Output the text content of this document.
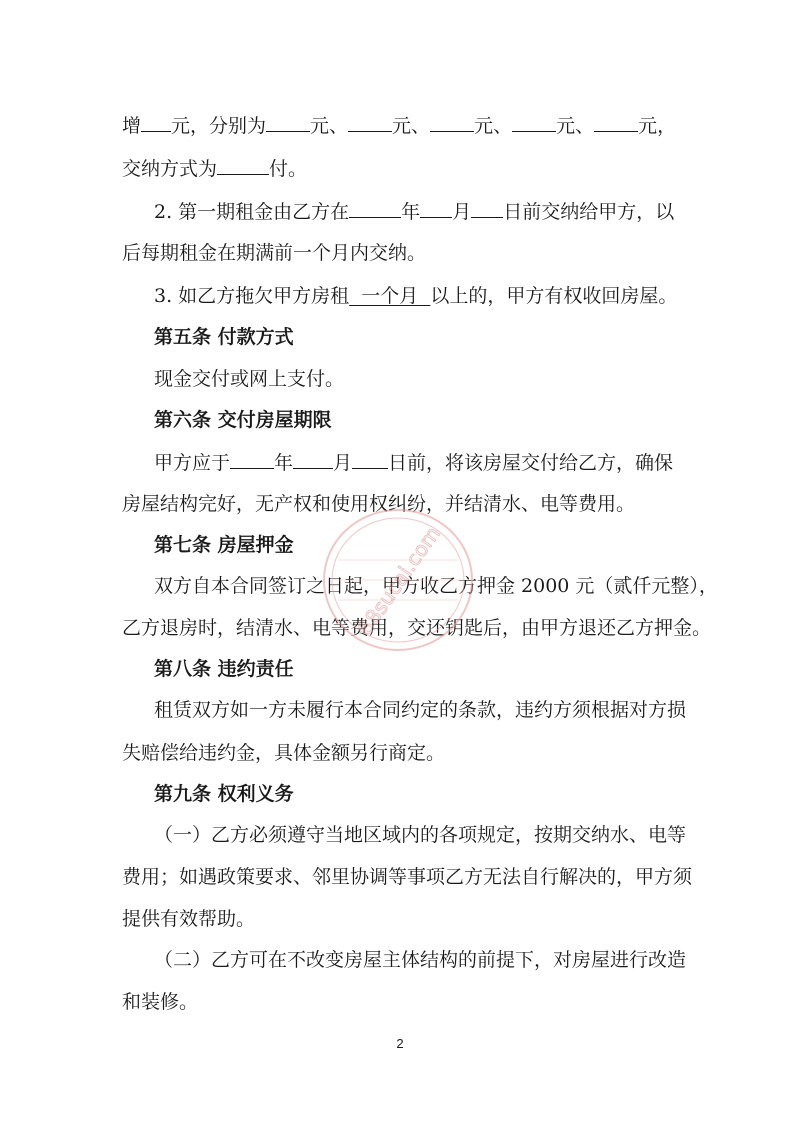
增 元，分别为 元、 元、 元、 元、 元，
交纳方式为	付。
2. 第一期租金由乙方在	年 月 日前交纳给甲方，以
后每期租金在期满前一个月内交纳。
3. 如乙方拖欠甲方房租  一个月  以上的，甲方有权收回房屋。
第五条 付款方式
现金交付或网上支付。
第六条 交付房屋期限
甲方应于 年 月 日前，将该房屋交付给乙方，确保
房屋结构完好，无产权和使用权纠纷，并结清水、电等费用。
第七条 房屋押金
双方自本合同签订之日起，甲方收乙方押金 2000 元（贰仟元整），
乙方退房时，结清水、电等费用，交还钥匙后，由甲方退还乙方押金。
第八条 违约责任
租赁双方如一方未履行本合同约定的条款，违约方须根据对方损
失赔偿给违约金，具体金额另行商定。
第九条 权利义务
（一）乙方必须遵守当地区域内的各项规定，按期交纳水、电等
费用；如遇政策要求、邻里协调等事项乙方无法自行解决的，甲方须
提供有效帮助。
（二）乙方可在不改变房屋主体结构的前提下，对房屋进行改造
和装修。
88sucai.com
2
